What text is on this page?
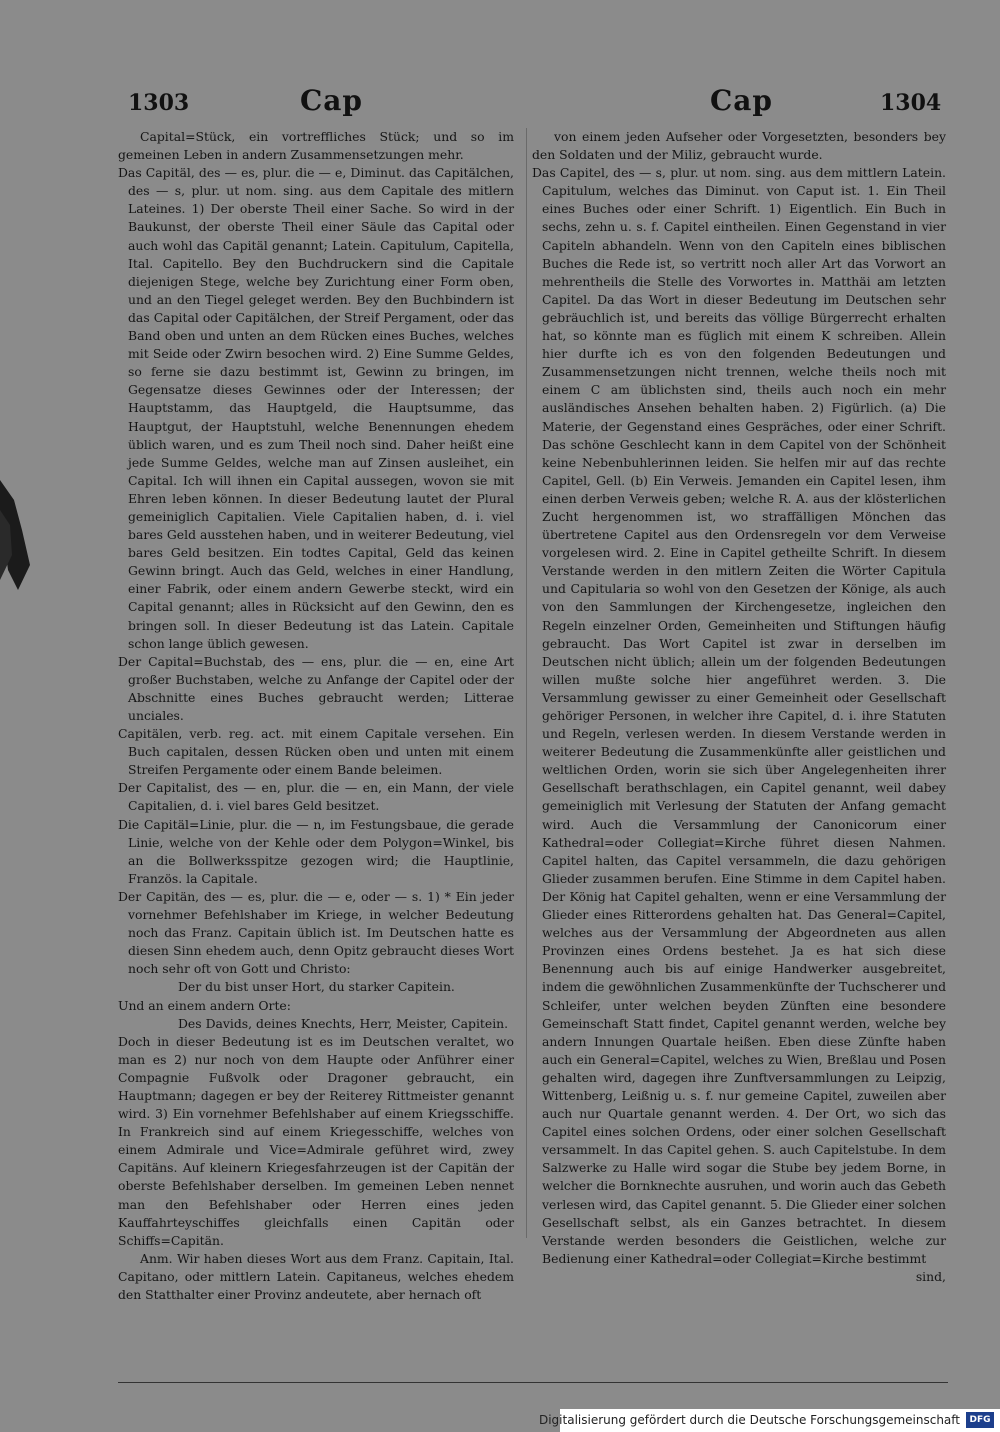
1303	Cap	Cap	1304

Capital=Stück, ein vortreffliches Stück; und so im gemeinen Leben in andern Zusammensetzungen mehr.

Das Capitäl, des — es, plur. die — e, Diminut. das Capitälchen, des — s, plur. ut nom. sing. aus dem Capitale des mitlern Lateines. 1) Der oberste Theil einer Sache. So wird in der Baukunst, der oberste Theil einer Säule das Capital oder auch wohl das Capitäl genannt; Latein. Capitulum, Capitella, Ital. Capitello. Bey den Buchdruckern sind die Capitale diejenigen Stege, welche bey Zurichtung einer Form oben, und an den Tiegel geleget werden. Bey den Buchbindern ist das Capital oder Capitälchen, der Streif Pergament, oder das Band oben und unten an dem Rücken eines Buches, welches mit Seide oder Zwirn besochen wird. 2) Eine Summe Geldes, so ferne sie dazu bestimmt ist, Gewinn zu bringen, im Gegensatze dieses Gewinnes oder der Interessen; der Hauptstamm, das Hauptgeld, die Hauptsumme, das Hauptgut, der Hauptstuhl, welche Benennungen ehedem üblich waren, und es zum Theil noch sind. Daher heißt eine jede Summe Geldes, welche man auf Zinsen ausleihet, ein Capital. Ich will ihnen ein Capital aussegen, wovon sie mit Ehren leben können. In dieser Bedeutung lautet der Plural gemeiniglich Capitalien. Viele Capitalien haben, d. i. viel bares Geld ausstehen haben, und in weiterer Bedeutung, viel bares Geld besitzen. Ein todtes Capital, Geld das keinen Gewinn bringt. Auch das Geld, welches in einer Handlung, einer Fabrik, oder einem andern Gewerbe steckt, wird ein Capital genannt; alles in Rücksicht auf den Gewinn, den es bringen soll. In dieser Bedeutung ist das Latein. Capitale schon lange üblich gewesen.

Der Capital=Buchstab, des — ens, plur. die — en, eine Art großer Buchstaben, welche zu Anfange der Capitel oder der Abschnitte eines Buches gebraucht werden; Litterae unciales.

Capitälen, verb. reg. act. mit einem Capitale versehen. Ein Buch capitalen, dessen Rücken oben und unten mit einem Streifen Pergamente oder einem Bande beleimen.

Der Capitalist, des — en, plur. die — en, ein Mann, der viele Capitalien, d. i. viel bares Geld besitzet.

Die Capitäl=Linie, plur. die — n, im Festungsbaue, die gerade Linie, welche von der Kehle oder dem Polygon=Winkel, bis an die Bollwerksspitze gezogen wird; die Hauptlinie, Französ. la Capitale.

Der Capitän, des — es, plur. die — e, oder — s. 1) * Ein jeder vornehmer Befehlshaber im Kriege, in welcher Bedeutung noch das Franz. Capitain üblich ist. Im Deutschen hatte es diesen Sinn ehedem auch, denn Opitz gebraucht dieses Wort noch sehr oft von Gott und Christo:

Der du bist unser Hort, du starker Capitein.

Und an einem andern Orte:

Des Davids, deines Knechts, Herr, Meister, Capitein.

Doch in dieser Bedeutung ist es im Deutschen veraltet, wo man es 2) nur noch von dem Haupte oder Anführer einer Compagnie Fußvolk oder Dragoner gebraucht, ein Hauptmann; dagegen er bey der Reiterey Rittmeister genannt wird. 3) Ein vornehmer Befehlshaber auf einem Kriegsschiffe. In Frankreich sind auf einem Kriegesschiffe, welches von einem Admirale und Vice=Admirale geführet wird, zwey Capitäns. Auf kleinern Kriegesfahrzeugen ist der Capitän der oberste Befehlshaber derselben. Im gemeinen Leben nennet man den Befehlshaber oder Herren eines jeden Kauffahrteyschiffes gleichfalls einen Capitän oder Schiffs=Capitän.

Anm. Wir haben dieses Wort aus dem Franz. Capitain, Ital. Capitano, oder mittlern Latein. Capitaneus, welches ehedem den Statthalter einer Provinz andeutete, aber hernach oft

von einem jeden Aufseher oder Vorgesetzten, besonders bey den Soldaten und der Miliz, gebraucht wurde.

Das Capitel, des — s, plur. ut nom. sing. aus dem mittlern Latein. Capitulum, welches das Diminut. von Caput ist. 1. Ein Theil eines Buches oder einer Schrift. 1) Eigentlich. Ein Buch in sechs, zehn u. s. f. Capitel eintheilen. Einen Gegenstand in vier Capiteln abhandeln. Wenn von den Capiteln eines biblischen Buches die Rede ist, so vertritt noch aller Art das Vorwort an mehrentheils die Stelle des Vorwortes in. Matthäi am letzten Capitel. Da das Wort in dieser Bedeutung im Deutschen sehr gebräuchlich ist, und bereits das völlige Bürgerrecht erhalten hat, so könnte man es füglich mit einem K schreiben. Allein hier durfte ich es von den folgenden Bedeutungen und Zusammensetzungen nicht trennen, welche theils noch mit einem C am üblichsten sind, theils auch noch ein mehr ausländisches Ansehen behalten haben. 2) Figürlich. (a) Die Materie, der Gegenstand eines Gespräches, oder einer Schrift. Das schöne Geschlecht kann in dem Capitel von der Schönheit keine Nebenbuhlerinnen leiden. Sie helfen mir auf das rechte Capitel, Gell. (b) Ein Verweis. Jemanden ein Capitel lesen, ihm einen derben Verweis geben; welche R. A. aus der klösterlichen Zucht hergenommen ist, wo straffälligen Mönchen das übertretene Capitel aus den Ordensregeln vor dem Verweise vorgelesen wird. 2. Eine in Capitel getheilte Schrift. In diesem Verstande werden in den mitlern Zeiten die Wörter Capitula und Capitularia so wohl von den Gesetzen der Könige, als auch von den Sammlungen der Kirchengesetze, ingleichen den Regeln einzelner Orden, Gemeinheiten und Stiftungen häufig gebraucht. Das Wort Capitel ist zwar in derselben im Deutschen nicht üblich; allein um der folgenden Bedeutungen willen mußte solche hier angeführet werden. 3. Die Versammlung gewisser zu einer Gemeinheit oder Gesellschaft gehöriger Personen, in welcher ihre Capitel, d. i. ihre Statuten und Regeln, verlesen werden. In diesem Verstande werden in weiterer Bedeutung die Zusammenkünfte aller geistlichen und weltlichen Orden, worin sie sich über Angelegenheiten ihrer Gesellschaft berathschlagen, ein Capitel genannt, weil dabey gemeiniglich mit Verlesung der Statuten der Anfang gemacht wird. Auch die Versammlung der Canonicorum einer Kathedral=oder Collegiat=Kirche führet diesen Nahmen. Capitel halten, das Capitel versammeln, die dazu gehörigen Glieder zusammen berufen. Eine Stimme in dem Capitel haben. Der König hat Capitel gehalten, wenn er eine Versammlung der Glieder eines Ritterordens gehalten hat. Das General=Capitel, welches aus der Versammlung der Abgeordneten aus allen Provinzen eines Ordens bestehet. Ja es hat sich diese Benennung auch bis auf einige Handwerker ausgebreitet, indem die gewöhnlichen Zusammenkünfte der Tuchscherer und Schleifer, unter welchen beyden Zünften eine besondere Gemeinschaft Statt findet, Capitel genannt werden, welche bey andern Innungen Quartale heißen. Eben diese Zünfte haben auch ein General=Capitel, welches zu Wien, Breßlau und Posen gehalten wird, dagegen ihre Zunftversammlungen zu Leipzig, Wittenberg, Leißnig u. s. f. nur gemeine Capitel, zuweilen aber auch nur Quartale genannt werden. 4. Der Ort, wo sich das Capitel eines solchen Ordens, oder einer solchen Gesellschaft versammelt. In das Capitel gehen. S. auch Capitelstube. In dem Salzwerke zu Halle wird sogar die Stube bey jedem Borne, in welcher die Bornknechte ausruhen, und worin auch das Gebeth verlesen wird, das Capitel genannt. 5. Die Glieder einer solchen Gesellschaft selbst, als ein Ganzes betrachtet. In diesem Verstande werden besonders die Geistlichen, welche zur Bedienung einer Kathedral=oder Collegiat=Kirche bestimmt

sind,

Digitalisierung gefördert durch die Deutsche Forschungsgemeinschaft	DFG
